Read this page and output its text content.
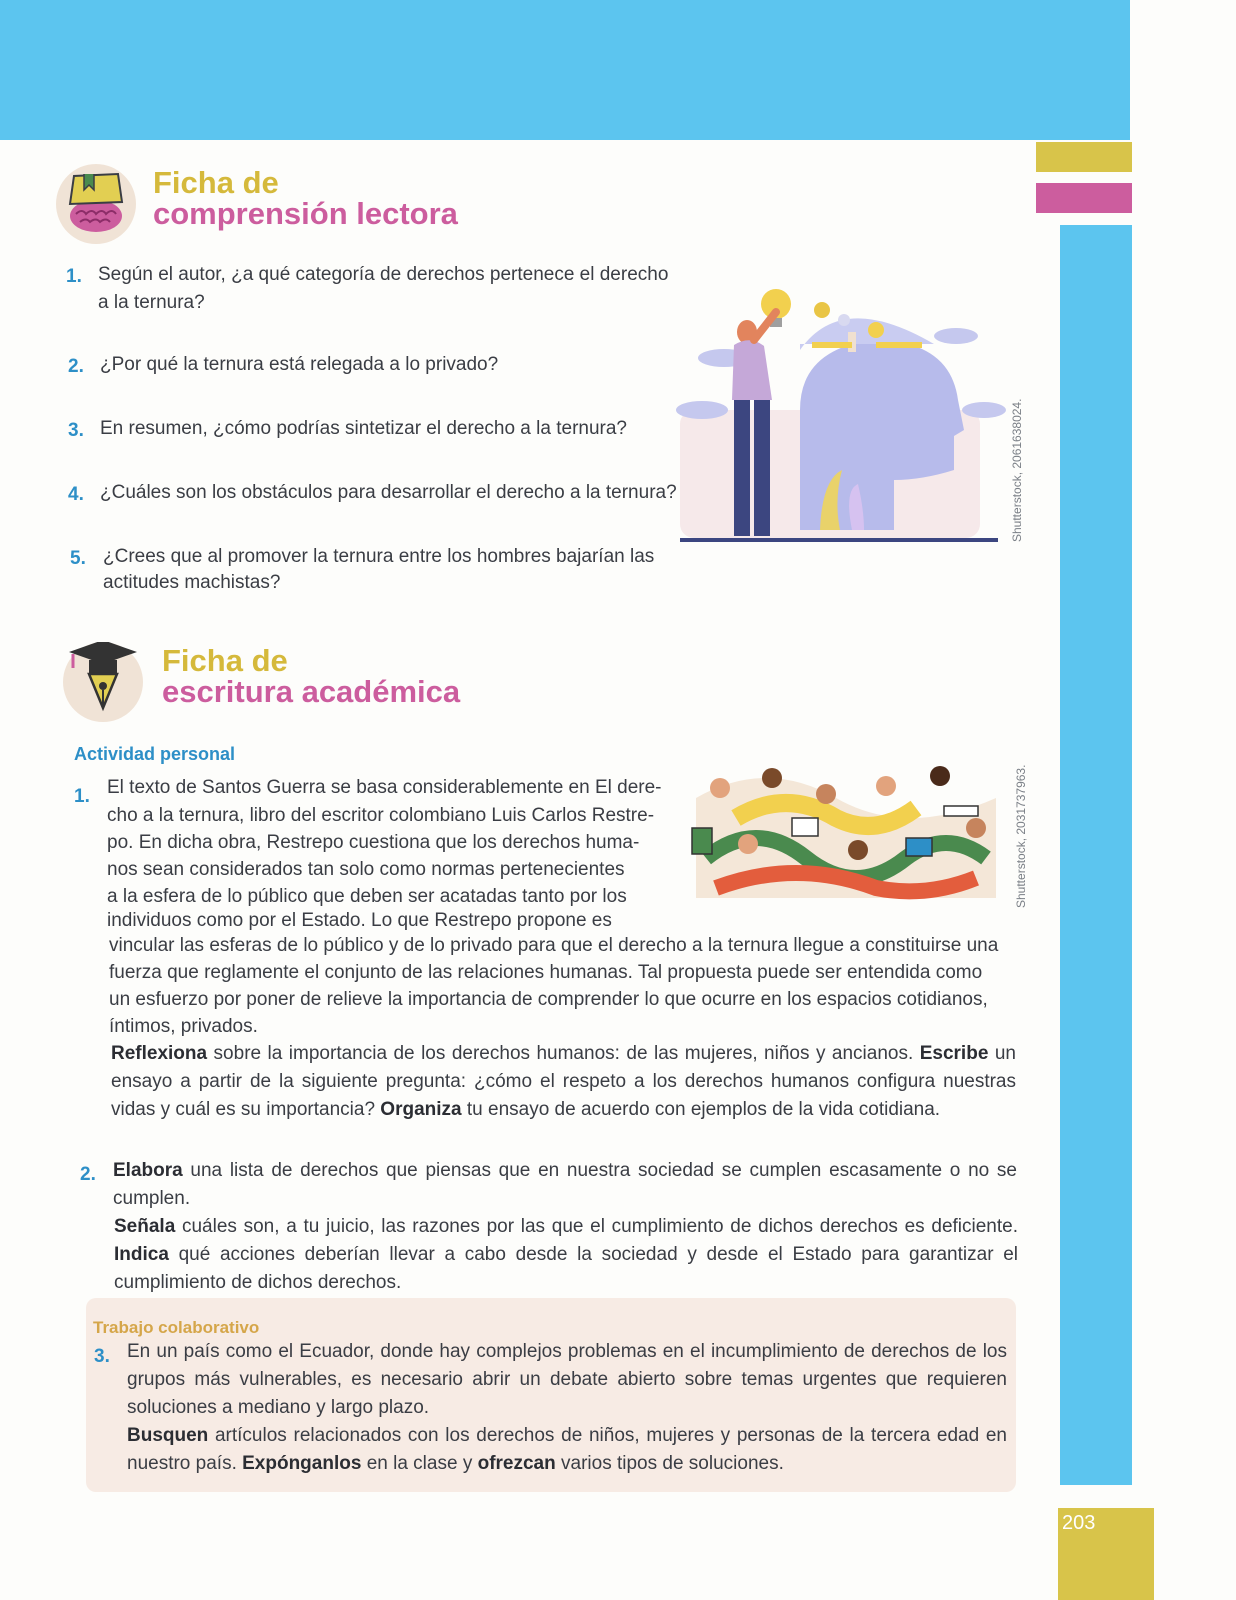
203
Ficha de
comprensión lectora
1. Según el autor, ¿a qué categoría de derechos pertenece el derecho
a la ternura?
2. ¿Por qué la ternura está relegada a lo privado?
3. En resumen, ¿cómo podrías sintetizar el derecho a la ternura?
4. ¿Cuáles son los obstáculos para desarrollar el derecho a la ternura?
5. ¿Crees que al promover la ternura entre los hombres bajarían las
actitudes machistas?
Shutterstock, 2061638024.
Ficha de
escritura académica
Actividad personal
1. El texto de Santos Guerra se basa considerablemente en El dere-
cho a la ternura, libro del escritor colombiano Luis Carlos Restre-
po. En dicha obra, Restrepo cuestiona que los derechos huma-
nos sean considerados tan solo como normas pertenecientes
a la esfera de lo público que deben ser acatadas tanto por los
individuos como por el Estado. Lo que Restrepo propone es
vincular las esferas de lo público y de lo privado para que el derecho a la ternura llegue a constituirse una
fuerza que reglamente el conjunto de las relaciones humanas. Tal propuesta puede ser entendida como
un esfuerzo por poner de relieve la importancia de comprender lo que ocurre en los espacios cotidianos,
íntimos, privados.
Shutterstock, 2031737963.
Reflexiona sobre la importancia de los derechos humanos: de las mujeres, niños y ancianos. Escribe un ensayo a partir de la siguiente pregunta: ¿cómo el respeto a los derechos humanos configura nuestras vidas y cuál es su importancia? Organiza tu ensayo de acuerdo con ejemplos de la vida cotidiana.
2. Elabora una lista de derechos que piensas que en nuestra sociedad se cumplen escasamente o no se cumplen.
Señala cuáles son, a tu juicio, las razones por las que el cumplimiento de dichos derechos es deficiente. Indica qué acciones deberían llevar a cabo desde la sociedad y desde el Estado para garantizar el cumplimiento de dichos derechos.
Trabajo colaborativo
3. En un país como el Ecuador, donde hay complejos problemas en el incumplimiento de derechos de los grupos más vulnerables, es necesario abrir un debate abierto sobre temas urgentes que requieren soluciones a mediano y largo plazo.
Busquen artículos relacionados con los derechos de niños, mujeres y personas de la tercera edad en nuestro país. Expónganlos en la clase y ofrezcan varios tipos de soluciones.
